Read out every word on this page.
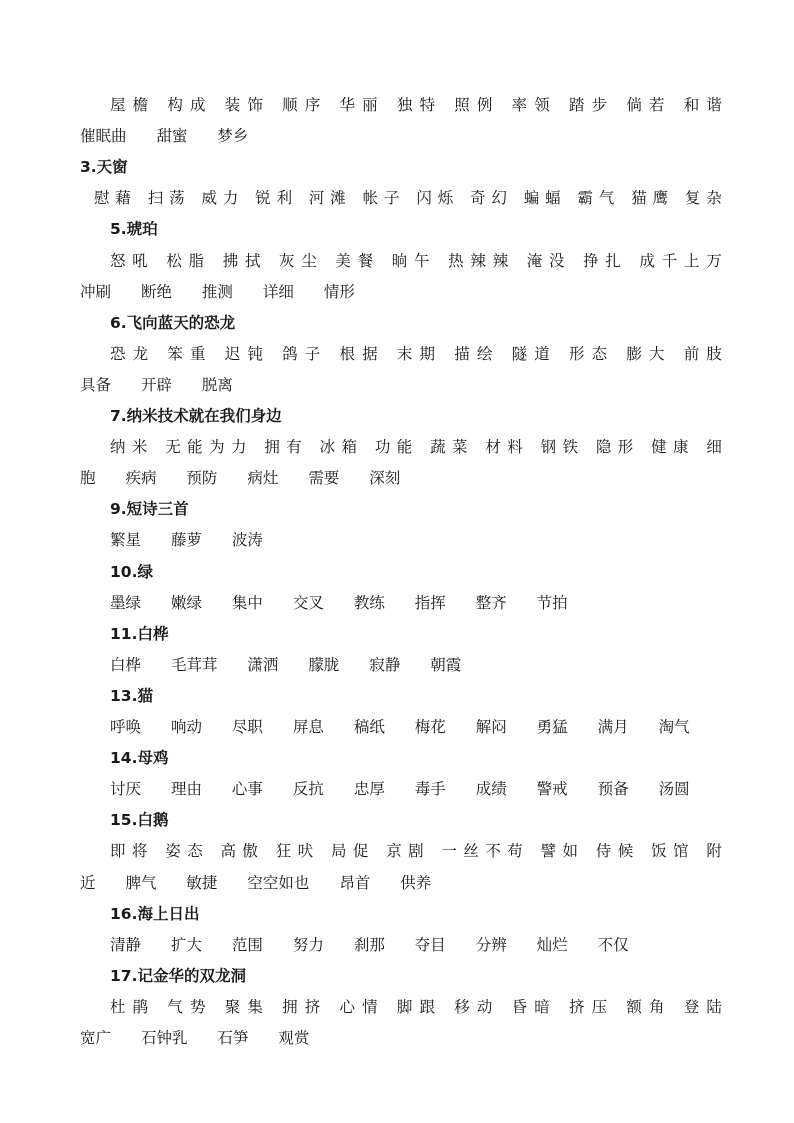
屋檐 构成 装饰 顺序 华丽 独特 照例 率领 踏步 倘若 和谐
催眠曲 甜蜜 梦乡
3.天窗
慰藉 扫荡 威力 锐利 河滩 帐子 闪烁 奇幻 蝙蝠 霸气 猫鹰 复杂
5.琥珀
怒吼 松脂 拂拭 灰尘 美餐 晌午 热辣辣 淹没 挣扎 成千上万
冲刷 断绝 推测 详细 情形
6.飞向蓝天的恐龙
恐龙 笨重 迟钝 鸽子 根据 末期 描绘 隧道 形态 膨大 前肢
具备 开辟 脱离
7.纳米技术就在我们身边
纳米 无能为力 拥有 冰箱 功能 蔬菜 材料 钢铁 隐形 健康 细
胞 疾病 预防 病灶 需要 深刻
9.短诗三首
繁星 藤萝 波涛
10.绿
墨绿 嫩绿 集中 交叉 教练 指挥 整齐 节拍
11.白桦
白桦 毛茸茸 潇洒 朦胧 寂静 朝霞
13.猫
呼唤 响动 尽职 屏息 稿纸 梅花 解闷 勇猛 满月 淘气
14.母鸡
讨厌 理由 心事 反抗 忠厚 毒手 成绩 警戒 预备 汤圆
15.白鹅
即将 姿态 高傲 狂吠 局促 京剧 一丝不苟 譬如 侍候 饭馆 附
近 脾气 敏捷 空空如也 昂首 供养
16.海上日出
清静 扩大 范围 努力 刹那 夺目 分辨 灿烂 不仅
17.记金华的双龙洞
杜鹃 气势 聚集 拥挤 心情 脚跟 移动 昏暗 挤压 额角 登陆
宽广 石钟乳 石笋 观赏
